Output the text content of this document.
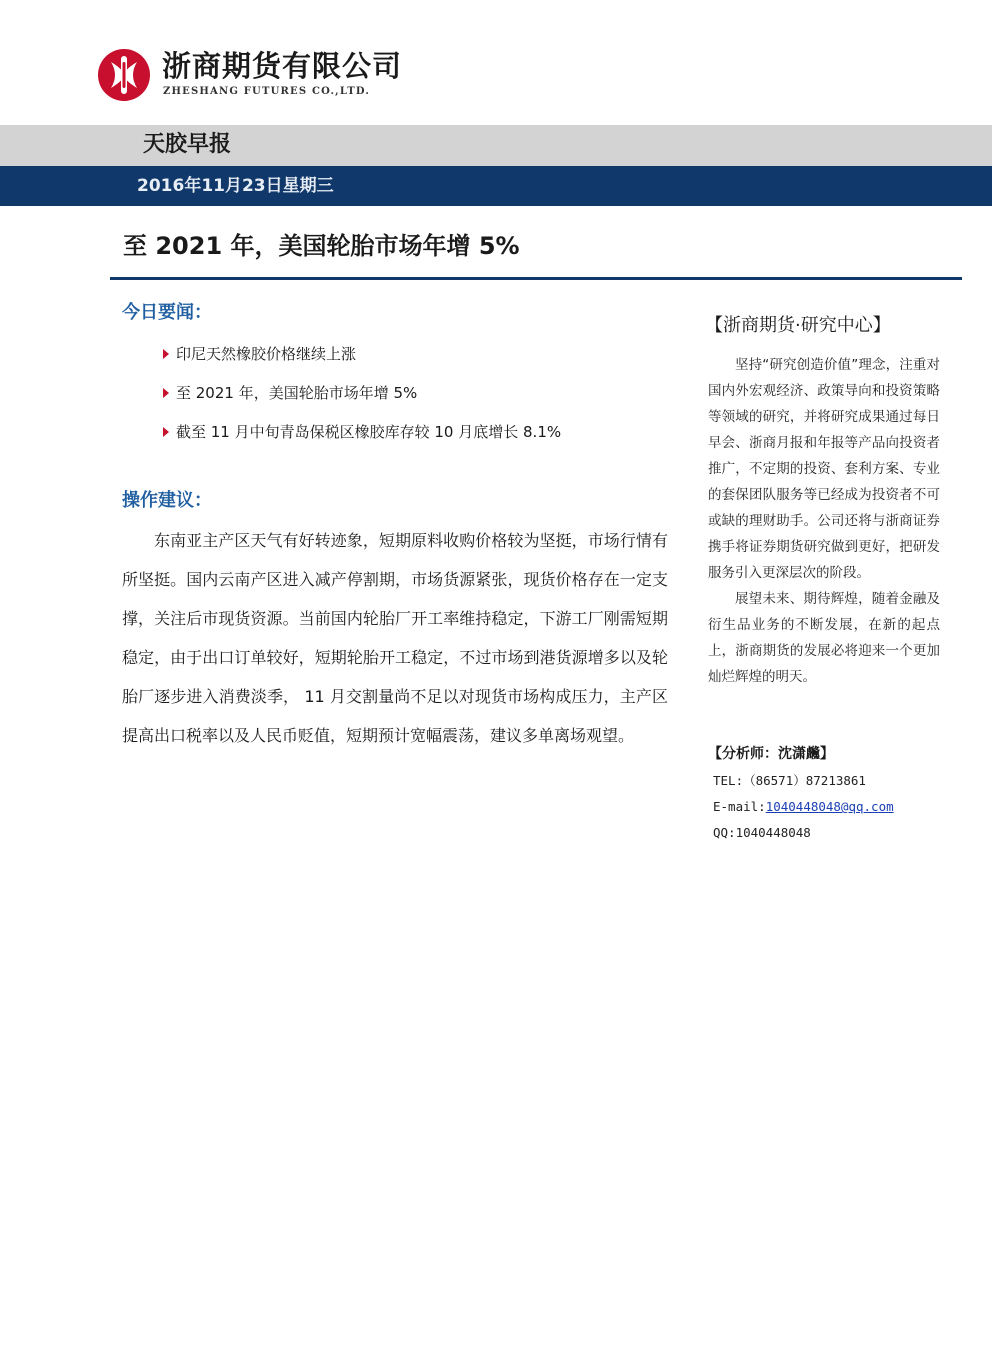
浙商期货有限公司
ZHESHANG FUTURES CO.,LTD.
天胶早报
2016年11月23日星期三
至 2021 年，美国轮胎市场年增 5%
今日要闻：
印尼天然橡胶价格继续上涨
至 2021 年，美国轮胎市场年增 5%
截至 11 月中旬青岛保税区橡胶库存较 10 月底增长 8.1%
操作建议：

东南亚主产区天气有好转迹象，短期原料收购价格较为坚挺，市场行情有所坚挺。国内云南产区进入减产停割期，市场货源紧张，现货价格存在一定支撑，关注后市现货资源。当前国内轮胎厂开工率维持稳定，下游工厂刚需短期稳定，由于出口订单较好，短期轮胎开工稳定，不过市场到港货源增多以及轮胎厂逐步进入消费淡季， 11 月交割量尚不足以对现货市场构成压力，主产区提高出口税率以及人民币贬值，短期预计宽幅震荡，建议多单离场观望。

【浙商期货·研究中心】

坚持“研究创造价值”理念，注重对国内外宏观经济、政策导向和投资策略等领域的研究，并将研究成果通过每日早会、浙商月报和年报等产品向投资者推广，不定期的投资、套利方案、专业的套保团队服务等已经成为投资者不可或缺的理财助手。公司还将与浙商证券携手将证券期货研究做到更好，把研发服务引入更深层次的阶段。

展望未来、期待辉煌，随着金融及衍生品业务的不断发展，在新的起点上，浙商期货的发展必将迎来一个更加灿烂辉煌的明天。

【分析师：沈潇虪】
TEL:（86571）87213861
E-mail:1040448048@qq.com
QQ:1040448048
